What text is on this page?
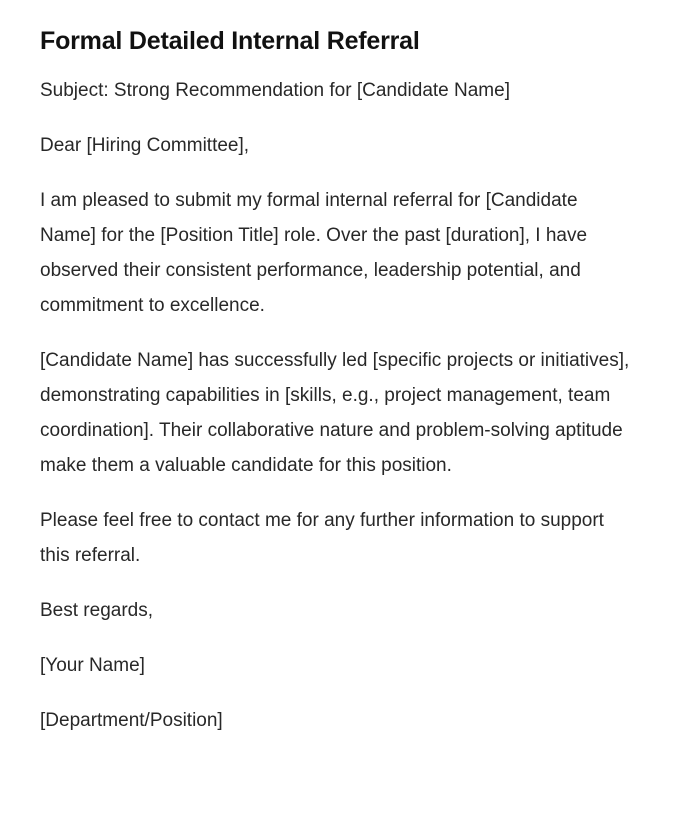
Formal Detailed Internal Referral

Subject: Strong Recommendation for [Candidate Name]

Dear [Hiring Committee],

I am pleased to submit my formal internal referral for [Candidate Name] for the [Position Title] role. Over the past [duration], I have observed their consistent performance, leadership potential, and commitment to excellence.

[Candidate Name] has successfully led [specific projects or initiatives], demonstrating capabilities in [skills, e.g., project management, team coordination]. Their collaborative nature and problem-solving aptitude make them a valuable candidate for this position.

Please feel free to contact me for any further information to support this referral.

Best regards,

[Your Name]

[Department/Position]
